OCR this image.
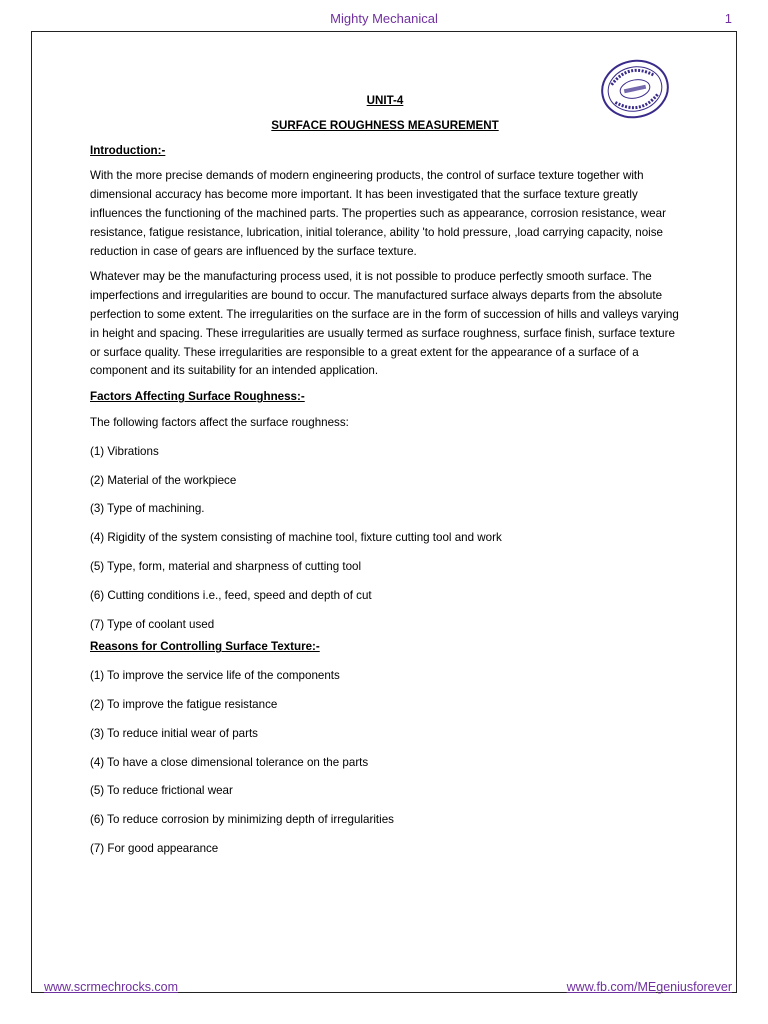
Mighty Mechanical	1

UNIT-4

SURFACE ROUGHNESS MEASUREMENT

Introduction:-

With the more precise demands of modern engineering products, the control of surface texture together with dimensional accuracy has become more important. It has been investigated that the surface texture greatly influences the functioning of the machined parts. The properties such as appearance, corrosion resistance, wear resistance, fatigue resistance, lubrication, initial tolerance, ability 'to hold pressure, ,load carrying capacity, noise reduction in case of gears are influenced by the surface texture.

Whatever may be the manufacturing process used, it is not possible to produce perfectly smooth surface. The imperfections and irregularities are bound to occur. The manufactured surface always departs from the absolute perfection to some extent. The irregularities on the surface are in the form of succession of hills and valleys varying in height and spacing. These irregularities are usually termed as surface roughness, surface finish, surface texture or surface quality. These irregularities are responsible to a great extent for the appearance of a surface of a component and its suitability for an intended application.

Factors Affecting Surface Roughness:-

The following factors affect the surface roughness:

(1) Vibrations
(2) Material of the workpiece
(3) Type of machining.
(4) Rigidity of the system consisting of machine tool, fixture cutting tool and work
(5) Type, form, material and sharpness of cutting tool
(6) Cutting conditions i.e., feed, speed and depth of cut
(7) Type of coolant used

Reasons for Controlling Surface Texture:-

(1) To improve the service life of the components
(2) To improve the fatigue resistance
(3) To reduce initial wear of parts
(4) To have a close dimensional tolerance on the parts
(5) To reduce frictional wear
(6) To reduce corrosion by minimizing depth of irregularities
(7) For good appearance
www.scrmechrocks.com	www.fb.com/MEgeniusforever
